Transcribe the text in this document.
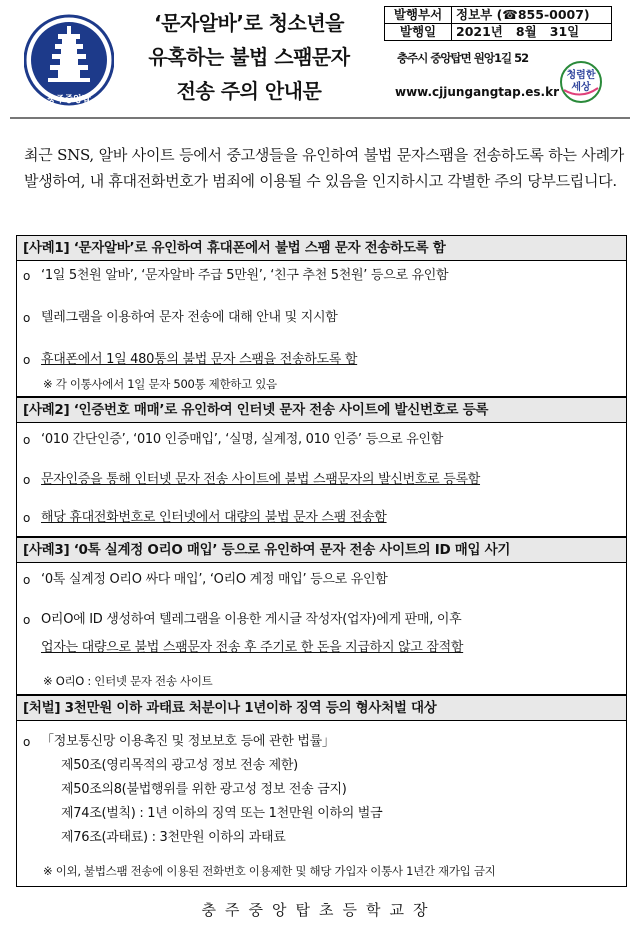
충주중앙탑
‘문자알바’로 청소년을
유혹하는 불법 스팸문자
전송 주의 안내문
발행부서	정보부 (☎855-0007)
발행일	2021년   8월   31일
충주시 중앙탑면 원앙1길 52
www.cjjungangtap.es.kr
청렴한 세상
최근 SNS, 알바 사이트 등에서 중고생들을 유인하여 불법 문자스팸을 전송하도록 하는 사례가 발생하여, 내 휴대전화번호가 범죄에 이용될 수 있음을 인지하시고 각별한 주의 당부드립니다.
[사례1] ‘문자알바’로 유인하여 휴대폰에서 불법 스팸 문자 전송하도록 함
o ‘1일 5천원 알바’, ‘문자알바 주급 5만원’, ‘친구 추천 5천원’ 등으로 유인함
o 텔레그램을 이용하여 문자 전송에 대해 안내 및 지시함
o 휴대폰에서 1일 480통의 불법 문자 스팸을 전송하도록 함
※ 각 이통사에서 1일 문자 500통 제한하고 있음
[사례2] ‘인증번호 매매’로 유인하여 인터넷 문자 전송 사이트에 발신번호로 등록
o ‘010 간단인증’, ‘010 인증매입’, ‘실명, 실계정, 010 인증’ 등으로 유인함
o 문자인증을 통해 인터넷 문자 전송 사이트에 불법 스팸문자의 발신번호로 등록함
o 해당 휴대전화번호로 인터넷에서 대량의 불법 문자 스팸 전송함
[사례3] ‘0톡 실계정 O리O 매입’ 등으로 유인하여 문자 전송 사이트의 ID 매입 사기
o ‘0톡 실계정 O리O 싸다 매입’, ‘O리O 계정 매입’ 등으로 유인함
o O리O에 ID 생성하여 텔레그램을 이용한 게시글 작성자(업자)에게 판매, 이후
업자는 대량으로 불법 스팸문자 전송 후 주기로 한 돈을 지급하지 않고 잠적함
※ O리O : 인터넷 문자 전송 사이트
[처벌] 3천만원 이하 과태료 처분이나 1년이하 징역 등의 형사처벌 대상
o 「정보통신망 이용촉진 및 정보보호 등에 관한 법률」
제50조(영리목적의 광고성 정보 전송 제한)
제50조의8(불법행위를 위한 광고성 정보 전송 금지)
제74조(벌칙) : 1년 이하의 징역 또는 1천만원 이하의 벌금
제76조(과태료) : 3천만원 이하의 과태료
※ 이외, 불법스팸 전송에 이용된 전화번호 이용제한 및 해당 가입자 이통사 1년간 재가입 금지
충주중앙탑초등학교장
